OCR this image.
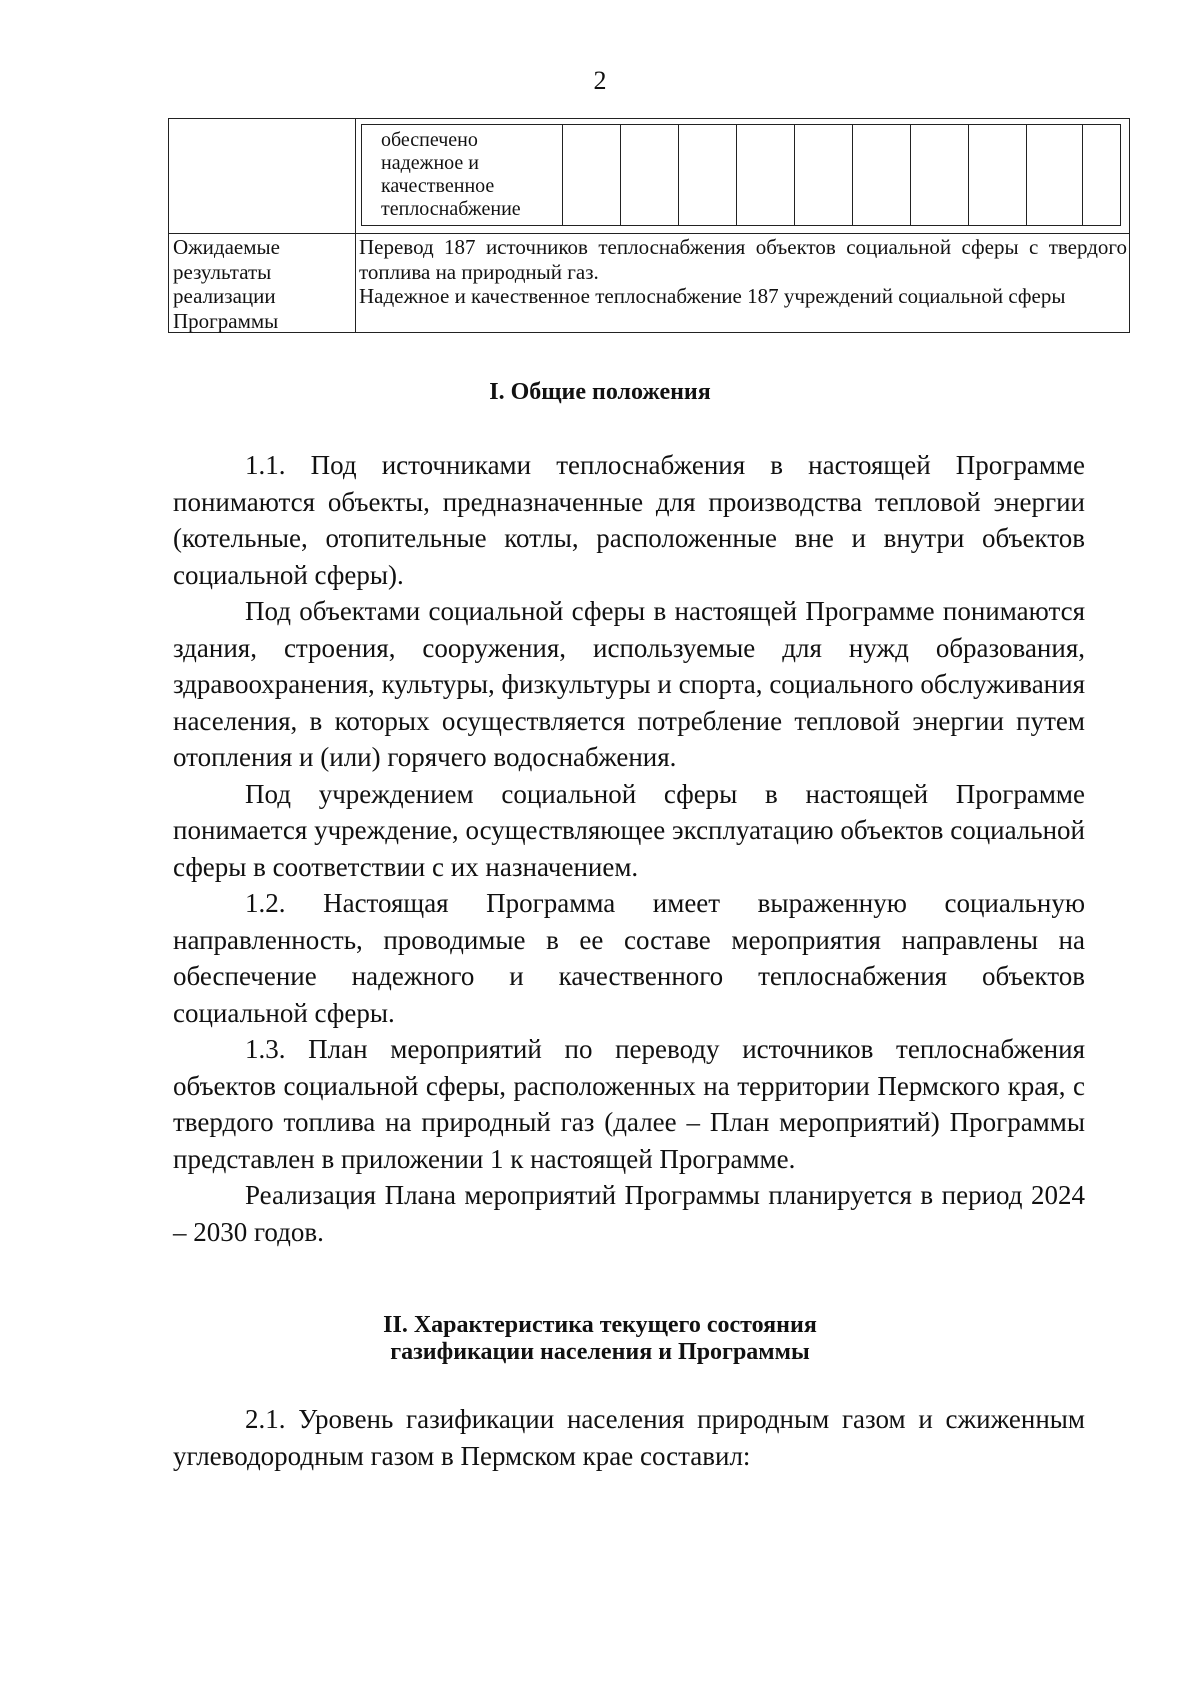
2
обеспечено надежное и качественное теплоснабжение
Ожидаемые результаты реализации Программы
Перевод 187 источников теплоснабжения объектов социальной сферы с твердого топлива на природный газ.
Надежное и качественное теплоснабжение 187 учреждений социальной сферы
I. Общие положения

1.1. Под источниками теплоснабжения в настоящей Программе понимаются объекты, предназначенные для производства тепловой энергии (котельные, отопительные котлы, расположенные вне и внутри объектов социальной сферы).

Под объектами социальной сферы в настоящей Программе понимаются здания, строения, сооружения, используемые для нужд образования, здравоохранения, культуры, физкультуры и спорта, социального обслуживания населения, в которых осуществляется потребление тепловой энергии путем отопления и (или) горячего водоснабжения.

Под учреждением социальной сферы в настоящей Программе понимается учреждение, осуществляющее эксплуатацию объектов социальной сферы в соответствии с их назначением.

1.2. Настоящая Программа имеет выраженную социальную направленность, проводимые в ее составе мероприятия направлены на обеспечение надежного и качественного теплоснабжения объектов социальной сферы.

1.3. План мероприятий по переводу источников теплоснабжения объектов социальной сферы, расположенных на территории Пермского края, с твердого топлива на природный газ (далее – План мероприятий) Программы представлен в приложении 1 к настоящей Программе.

Реализация Плана мероприятий Программы планируется в период 2024 – 2030 годов.

II. Характеристика текущего состояния
газификации населения и Программы

2.1. Уровень газификации населения природным газом и сжиженным углеводородным газом в Пермском крае составил:
